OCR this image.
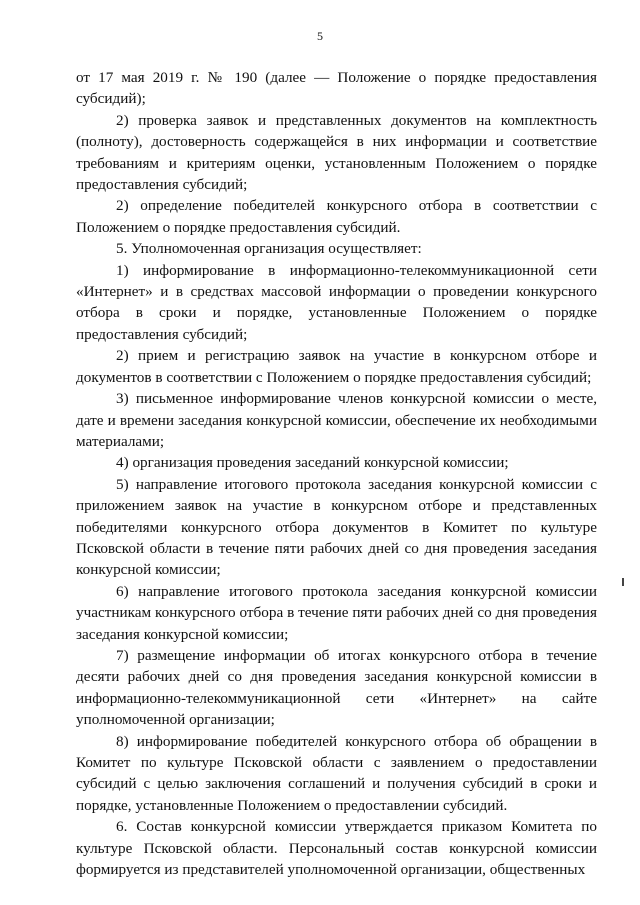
5

от 17 мая 2019 г. № 190 (далее — Положение о порядке предоставления субсидий);

2) проверка заявок и представленных документов на комплектность (полноту), достоверность содержащейся в них информации и соответствие требованиям и критериям оценки, установленным Положением о порядке предоставления субсидий;

2) определение победителей конкурсного отбора в соответствии с Положением о порядке предоставления субсидий.

5. Уполномоченная организация осуществляет:

1) информирование в информационно-телекоммуникационной сети «Интернет» и в средствах массовой информации о проведении конкурсного отбора в сроки и порядке, установленные Положением о порядке предоставления субсидий;

2) прием и регистрацию заявок на участие в конкурсном отборе и документов в соответствии с Положением о порядке предоставления субсидий;

3) письменное информирование членов конкурсной комиссии о месте, дате и времени заседания конкурсной комиссии, обеспечение их необходимыми материалами;

4) организация проведения заседаний конкурсной комиссии;

5) направление итогового протокола заседания конкурсной комиссии с приложением заявок на участие в конкурсном отборе и представленных победителями конкурсного отбора документов в Комитет по культуре Псковской области в течение пяти рабочих дней со дня проведения заседания конкурсной комиссии;

6) направление итогового протокола заседания конкурсной комиссии участникам конкурсного отбора в течение пяти рабочих дней со дня проведения заседания конкурсной комиссии;

7) размещение информации об итогах конкурсного отбора в течение десяти рабочих дней со дня проведения заседания конкурсной комиссии в информационно-телекоммуникационной сети «Интернет» на сайте уполномоченной организации;

8) информирование победителей конкурсного отбора об обращении в Комитет по культуре Псковской области с заявлением о предоставлении субсидий с целью заключения соглашений и получения субсидий в сроки и порядке, установленные Положением о предоставлении субсидий.

6. Состав конкурсной комиссии утверждается приказом Комитета по культуре Псковской области. Персональный состав конкурсной комиссии формируется из представителей уполномоченной организации, общественных
